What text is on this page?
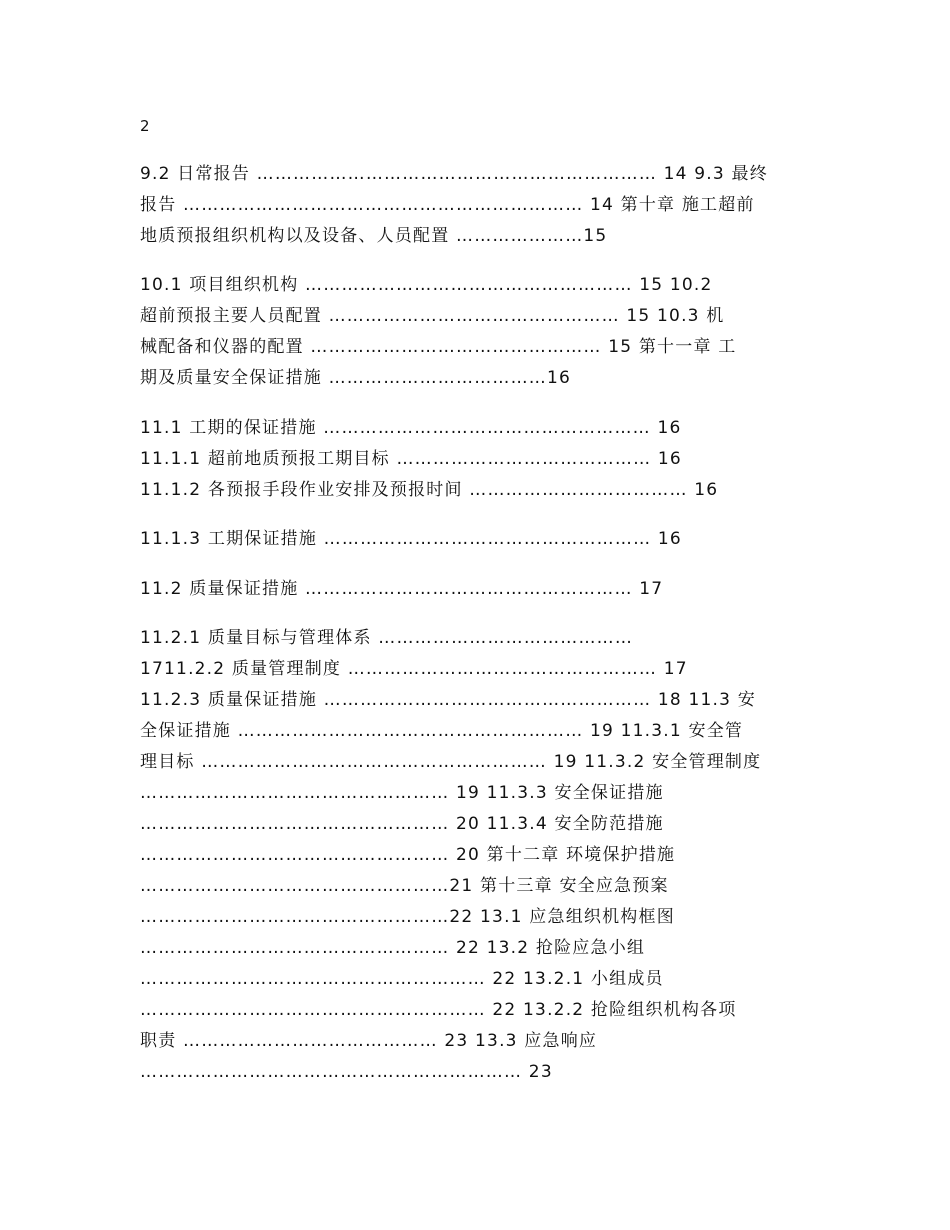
2
9.2 日常报告 ………………………………………………………… 14 9.3 最终
报告 ………………………………………………………… 14 第十章 施工超前
地质预报组织机构以及设备、人员配置 …………………15
10.1 项目组织机构 ……………………………………………… 15 10.2
超前预报主要人员配置 ………………………………………… 15 10.3 机
械配备和仪器的配置 ………………………………………… 15 第十一章 工
期及质量安全保证措施 ………………………………16
11.1 工期的保证措施 ……………………………………………… 16
11.1.1 超前地质预报工期目标 …………………………………… 16
11.1.2 各预报手段作业安排及预报时间 ……………………………… 16
11.1.3 工期保证措施 ……………………………………………… 16
11.2 质量保证措施 ……………………………………………… 17
11.2.1 质量目标与管理体系 ……………………………………
1711.2.2 质量管理制度 …………………………………………… 17
11.2.3 质量保证措施 ……………………………………………… 18 11.3 安
全保证措施 ………………………………………………… 19 11.3.1 安全管
理目标 ………………………………………………… 19 11.3.2 安全管理制度
…………………………………………… 19 11.3.3 安全保证措施
…………………………………………… 20 11.3.4 安全防范措施
…………………………………………… 20 第十二章 环境保护措施
……………………………………………21 第十三章 安全应急预案
……………………………………………22 13.1 应急组织机构框图
…………………………………………… 22 13.2 抢险应急小组
………………………………………………… 22 13.2.1 小组成员
………………………………………………… 22 13.2.2 抢险组织机构各项
职责 …………………………………… 23 13.3 应急响应
……………………………………………………… 23
